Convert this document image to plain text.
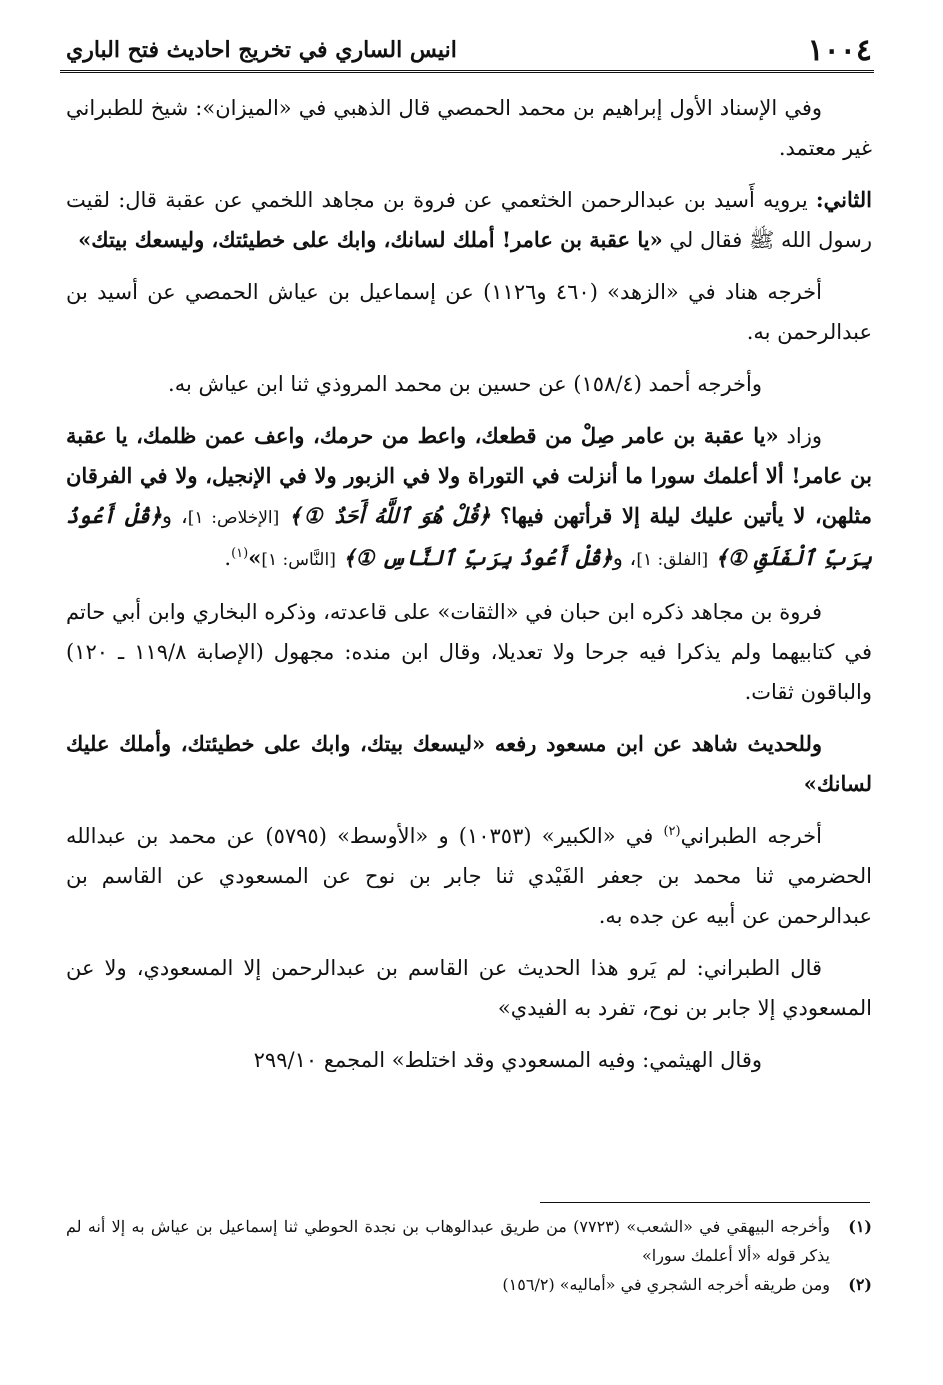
١٠٠٤
انيس الساري في تخريج احاديث فتح الباري

وفي الإسناد الأول إبراهيم بن محمد الحمصي قال الذهبي في «الميزان»: شيخ للطبراني غير معتمد.

الثاني: يرويه أَسيد بن عبدالرحمن الخثعمي عن فروة بن مجاهد اللخمي عن عقبة قال: لقيت رسول الله ﷺ فقال لي «يا عقبة بن عامر! أملك لسانك، وابك على خطيئتك، وليسعك بيتك»

أخرجه هناد في «الزهد» (٤٦٠ و١١٢٦) عن إسماعيل بن عياش الحمصي عن أسيد بن عبدالرحمن به.

وأخرجه أحمد (١٥٨/٤) عن حسين بن محمد المروذي ثنا ابن عياش به.

وزاد «يا عقبة بن عامر صِلْ من قطعك، واعط من حرمك، واعف عمن ظلمك، يا عقبة بن عامر! ألا أعلمك سورا ما أنزلت في التوراة ولا في الزبور ولا في الإنجيل، ولا في الفرقان مثلهن، لا يأتين عليك ليلة إلا قرأتهن فيها؟ ﴿قُلْ هُوَ ٱللَّهُ أَحَدٌ ①﴾ [الإخلاص: ١]، و﴿قُلْ أَعُوذُ بِرَبِّ ٱلْفَلَقِ ①﴾ [الفلق: ١]، و﴿قُلْ أَعُوذُ بِرَبِّ ٱلنَّاسِ ①﴾ [النَّاس: ١]»$^{(١)}$.

فروة بن مجاهد ذكره ابن حبان في «الثقات» على قاعدته، وذكره البخاري وابن أبي حاتم في كتابيهما ولم يذكرا فيه جرحا ولا تعديلا، وقال ابن منده: مجهول (الإصابة ١١٩/٨ ـ ١٢٠) والباقون ثقات.

وللحديث شاهد عن ابن مسعود رفعه «ليسعك بيتك، وابك على خطيئتك، وأملك عليك لسانك»

أخرجه الطبراني$^{(٢)}$ في «الكبير» (١٠٣٥٣) و «الأوسط» (٥٧٩٥) عن محمد بن عبدالله الحضرمي ثنا محمد بن جعفر الفَيْدي ثنا جابر بن نوح عن المسعودي عن القاسم بن عبدالرحمن عن أبيه عن جده به.

قال الطبراني: لم يَرو هذا الحديث عن القاسم بن عبدالرحمن إلا المسعودي، ولا عن المسعودي إلا جابر بن نوح، تفرد به الفيدي»

وقال الهيثمي: وفيه المسعودي وقد اختلط» المجمع ٢٩٩/١٠

(١)
وأخرجه البيهقي في «الشعب» (٧٧٢٣) من طريق عبدالوهاب بن نجدة الحوطي ثنا إسماعيل بن عياش به إلا أنه لم يذكر قوله «ألا أعلمك سورا»
(٢)
ومن طريقه أخرجه الشجري في «أماليه» (١٥٦/٢)
